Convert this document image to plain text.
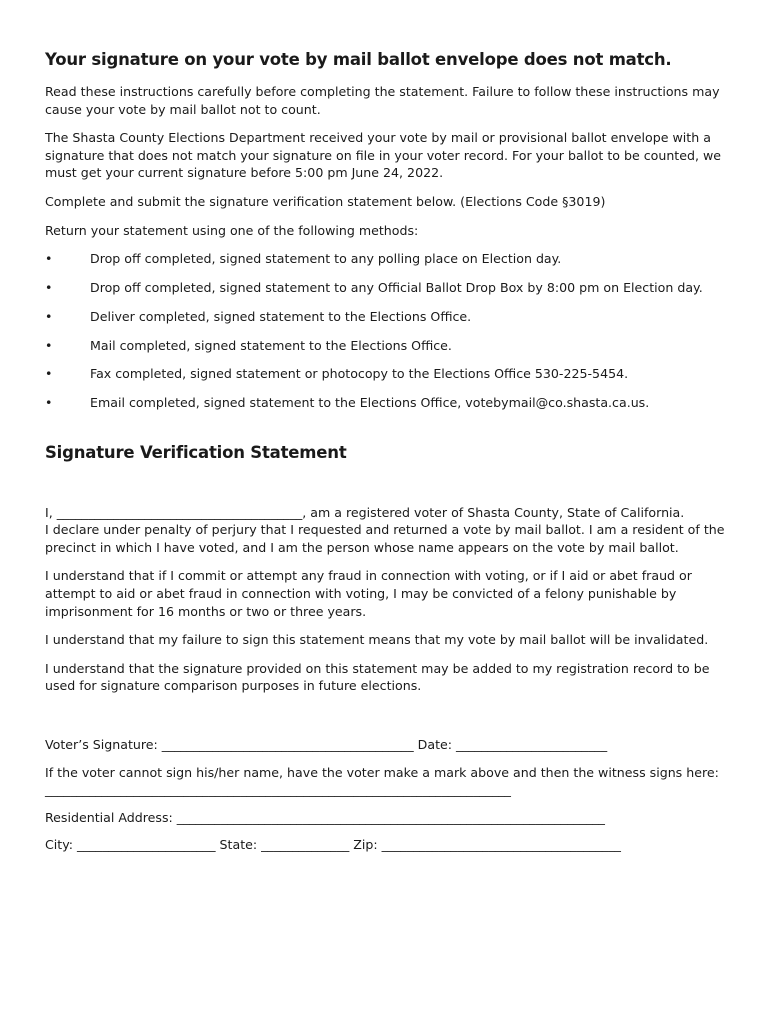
Your signature on your vote by mail ballot envelope does not match.

Read these instructions carefully before completing the statement. Failure to follow these instructions may cause your vote by mail ballot not to count.

The Shasta County Elections Department received your vote by mail or provisional ballot envelope with a signature that does not match your signature on file in your voter record. For your ballot to be counted, we must get your current signature before 5:00 pm June 24, 2022.

Complete and submit the signature verification statement below. (Elections Code §3019)

Return your statement using one of the following methods:

•	Drop off completed, signed statement to any polling place on Election day.
•	Drop off completed, signed statement to any Official Ballot Drop Box by 8:00 pm on Election day.
•	Deliver completed, signed statement to the Elections Office.
•	Mail completed, signed statement to the Elections Office.
•	Fax completed, signed statement or photocopy to the Elections Office 530-225-5454.
•	Email completed, signed statement to the Elections Office, votebymail@co.shasta.ca.us.
Signature Verification Statement

I, _______________________________________, am a registered voter of Shasta County, State of California.

I declare under penalty of perjury that I requested and returned a vote by mail ballot. I am a resident of the precinct in which I have voted, and I am the person whose name appears on the vote by mail ballot.

I understand that if I commit or attempt any fraud in connection with voting, or if I aid or abet fraud or attempt to aid or abet fraud in connection with voting, I may be convicted of a felony punishable by imprisonment for 16 months or two or three years.

I understand that my failure to sign this statement means that my vote by mail ballot will be invalidated.

I understand that the signature provided on this statement may be added to my registration record to be used for signature comparison purposes in future elections.

Voter’s Signature: ________________________________________ Date: ________________________

If the voter cannot sign his/her name, have the voter make a mark above and then the witness signs here:

__________________________________________________________________________

Residential Address: ____________________________________________________________________

City: ______________________ State: ______________ Zip: ______________________________________
